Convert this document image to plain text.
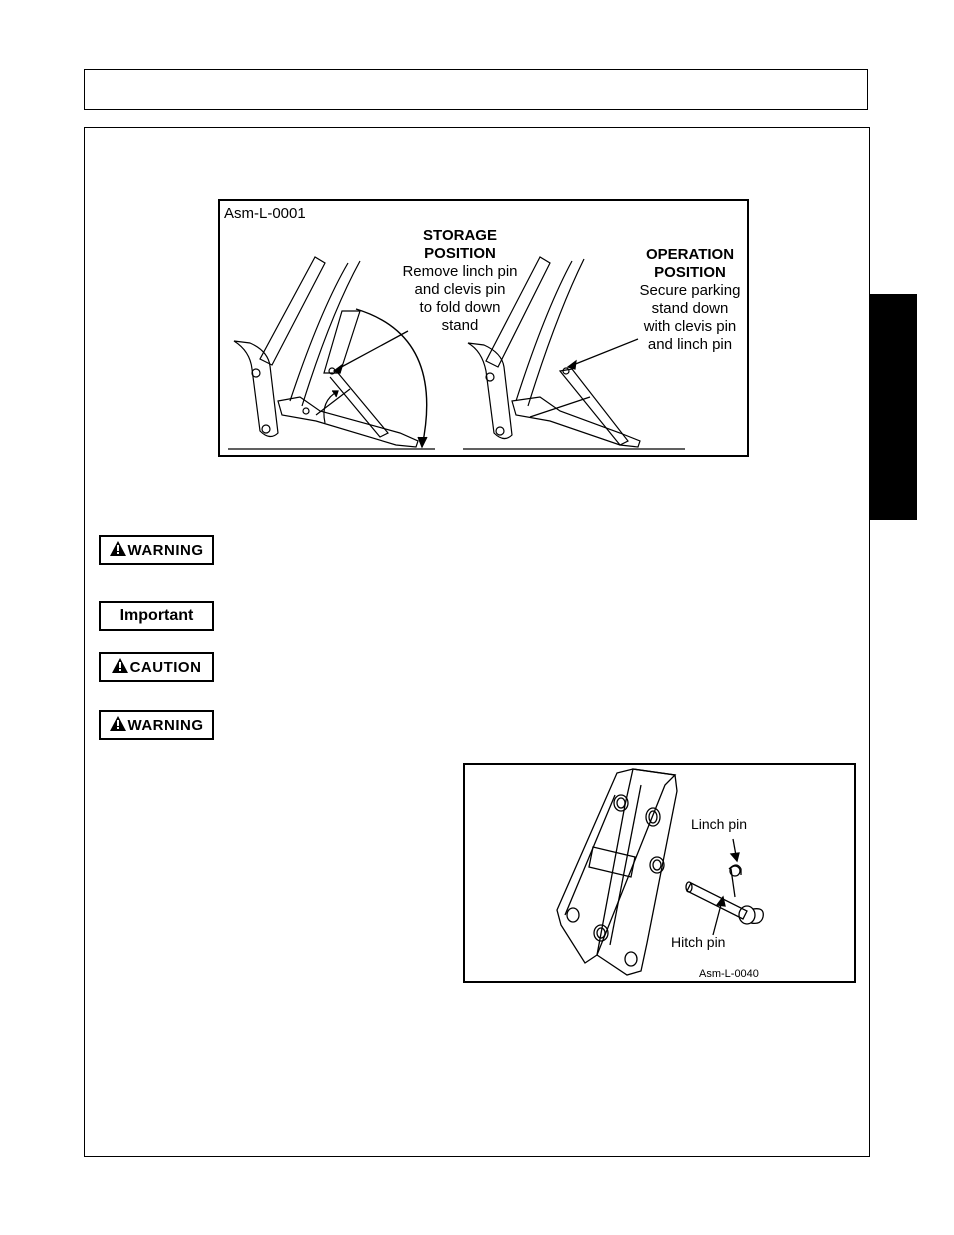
Asm-L-0001
STORAGE
POSITION
Remove linch pin
and clevis pin
to fold down
stand
OPERATION
POSITION
Secure parking
stand down
with clevis pin
and linch pin
WARNING
Important
CAUTION
WARNING
Linch pin
Hitch pin
Asm-L-0040
